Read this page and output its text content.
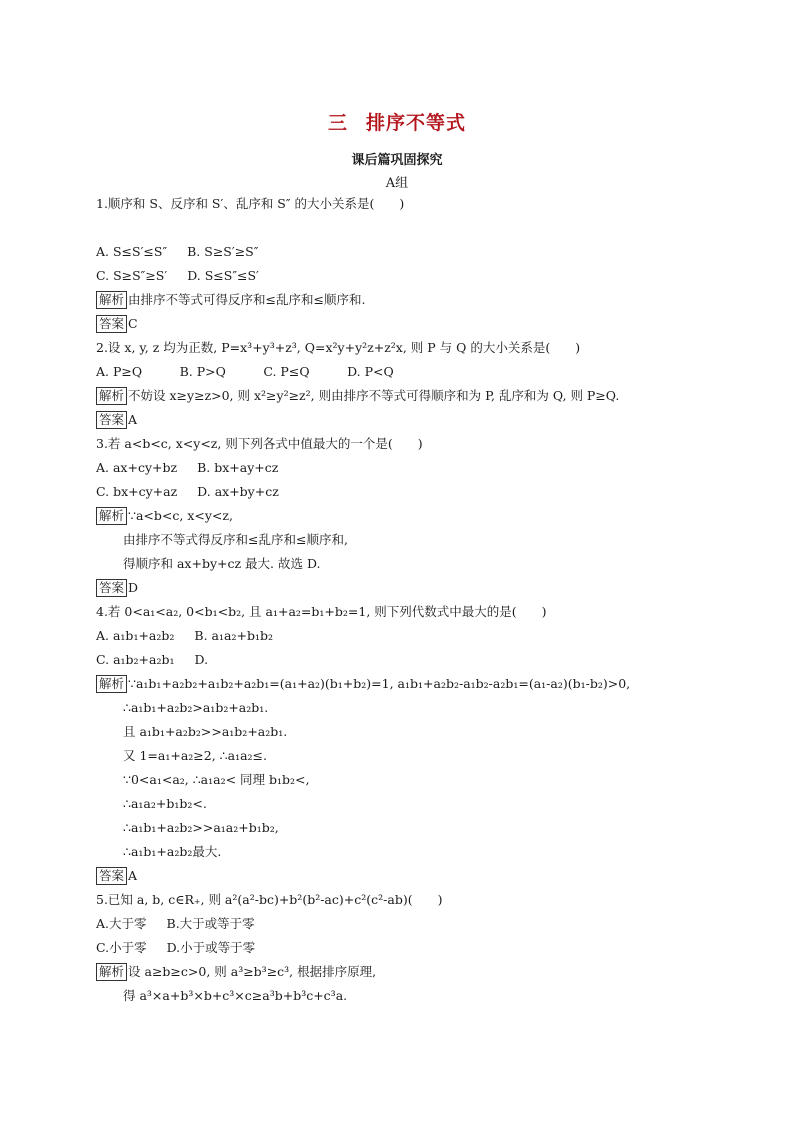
三 排序不等式
课后篇巩固探究
A组
1.顺序和 S、反序和 S′、乱序和 S″ 的大小关系是(　　)
A. S≤S′≤S″ B. S≥S′≥S″
C. S≥S″≥S′ D. S≤S″≤S′
解析 由排序不等式可得反序和≤乱序和≤顺序和.
答案 C
2.设 x, y, z 均为正数, P=x³+y³+z³, Q=x²y+y²z+z²x, 则 P 与 Q 的大小关系是(　　)
A. P≥Q　　　B. P>Q　　　C. P≤Q　　　D. P<Q
解析 不妨设 x≥y≥z>0, 则 x²≥y²≥z², 则由排序不等式可得顺序和为 P, 乱序和为 Q, 则 P≥Q.
答案 A
3.若 a<b<c, x<y<z, 则下列各式中值最大的一个是(　　)
A. ax+cy+bz B. bx+ay+cz
C. bx+cy+az D. ax+by+cz
解析 ∵a<b<c, x<y<z,
由排序不等式得反序和≤乱序和≤顺序和,
得顺序和 ax+by+cz 最大. 故选 D.
答案 D
4.若 0<a₁<a₂, 0<b₁<b₂, 且 a₁+a₂=b₁+b₂=1, 则下列代数式中最大的是(　　)
A. a₁b₁+a₂b₂ B. a₁a₂+b₁b₂
C. a₁b₂+a₂b₁ D.
解析 ∵a₁b₁+a₂b₂+a₁b₂+a₂b₁=(a₁+a₂)(b₁+b₂)=1, a₁b₁+a₂b₂-a₁b₂-a₂b₁=(a₁-a₂)(b₁-b₂)>0,
∴a₁b₁+a₂b₂>a₁b₂+a₂b₁.
且 a₁b₁+a₂b₂>>a₁b₂+a₂b₁.
又 1=a₁+a₂≥2, ∴a₁a₂≤.
∵0<a₁<a₂, ∴a₁a₂< 同理 b₁b₂<,
∴a₁a₂+b₁b₂<.
∴a₁b₁+a₂b₂>>a₁a₂+b₁b₂,
∴a₁b₁+a₂b₂最大.
答案 A
5.已知 a, b, c∈R₊, 则 a²(a²-bc)+b²(b²-ac)+c²(c²-ab)(　　)
A.大于零 B.大于或等于零
C.小于零 D.小于或等于零
解析 设 a≥b≥c>0, 则 a³≥b³≥c³, 根据排序原理,
得 a³×a+b³×b+c³×c≥a³b+b³c+c³a.
